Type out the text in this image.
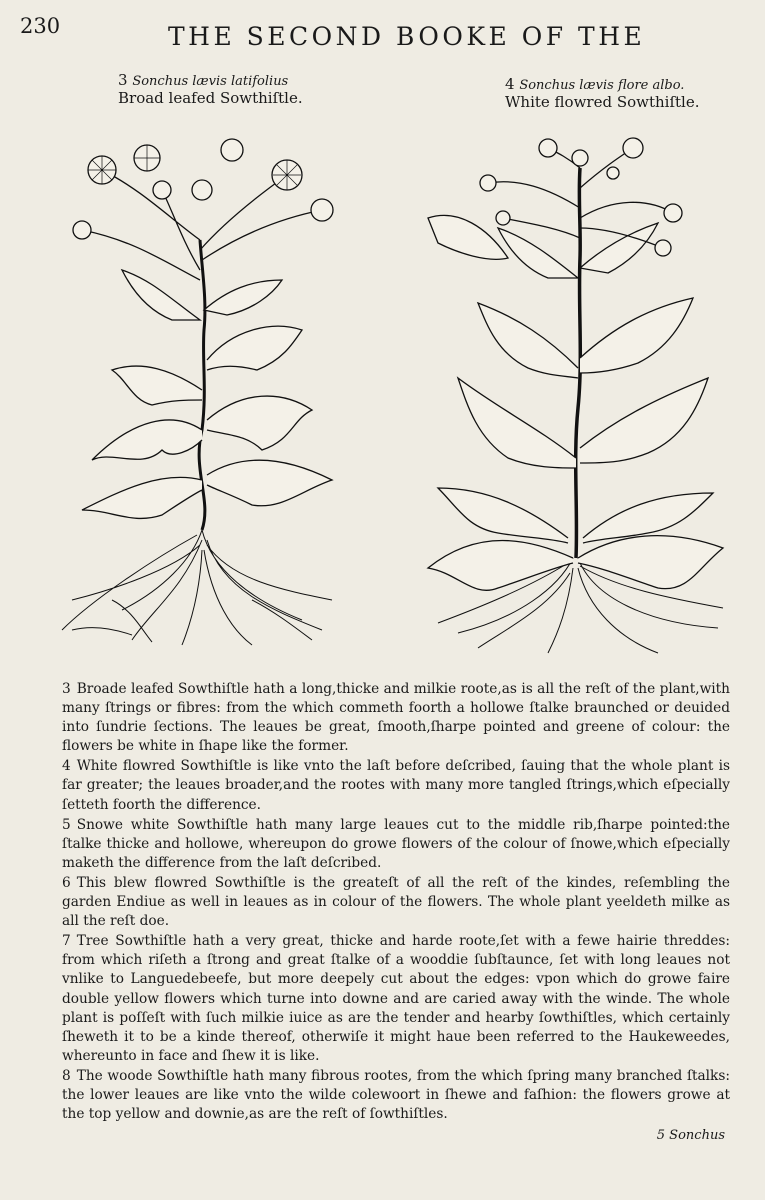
230	THE SECOND BOOKE OF THE
3 Sonchus lævis latifolius
Broad leafed Sowthiſtle.
4 Sonchus lævis flore albo.
White flowred Sowthiſtle.

3 Broade leafed Sowthiſtle hath a long,thicke and milkie roote,as is all the reſt of the plant,with many ſtrings or fibres: from the which commeth foorth a hollowe ſtalke braunched or deuided into ſundrie ſections. The leaues be great, ſmooth,ſharpe pointed and greene of colour: the flowers be white in ſhape like the former.

4 White flowred Sowthiſtle is like vnto the laſt before deſcribed, ſauing that the whole plant is far greater; the leaues broader,and the rootes with many more tangled ſtrings,which eſpecially ſetteth foorth the difference.

5 Snowe white Sowthiſtle hath many large leaues cut to the middle rib,ſharpe pointed:the ſtalke thicke and hollowe, whereupon do growe flowers of the colour of ſnowe,which eſpecially maketh the difference from the laſt deſcribed.

6 This blew flowred Sowthiſtle is the greateſt of all the reſt of the kindes, reſembling the garden Endiue as well in leaues as in colour of the flowers. The whole plant yeeldeth milke as all the reſt doe.

7 Tree Sowthiſtle hath a very great, thicke and harde roote,ſet with a fewe hairie threddes: from which riſeth a ſtrong and great ſtalke of a wooddie ſubſtaunce, ſet with long leaues not vnlike to Languedebeefe, but more deepely cut about the edges: vpon which do growe faire double yellow flowers which turne into downe and are caried away with the winde. The whole plant is poſſeſt with ſuch milkie iuice as are the tender and hearby ſowthiſtles, which certainly ſheweth it to be a kinde thereof, otherwiſe it might haue been referred to the Haukeweedes, whereunto in face and ſhew it is like.

8 The woode Sowthiſtle hath many fibrous rootes, from the which ſpring many branched ſtalks: the lower leaues are like vnto the wilde colewoort in ſhewe and faſhion: the flowers growe at the top yellow and downie,as are the reſt of ſowthiſtles.

5 Sonchus
